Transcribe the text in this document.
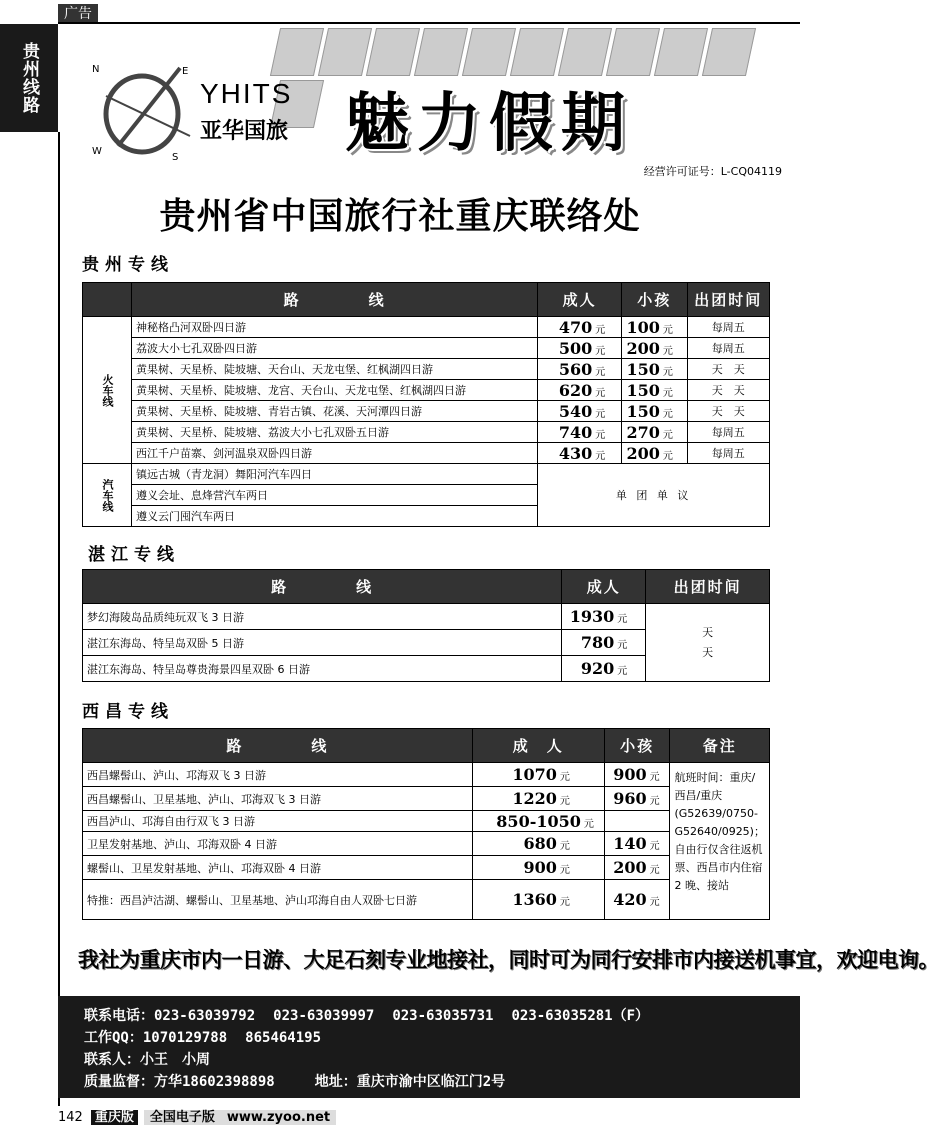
广告
贵州线路	N	E
W
S
YHITS
亚华国旅 魅力假期
经营许可证号：L-CQ04119
贵州省中国旅行社重庆联络处
贵州专线
	路　　　　线	成人	小孩	出团时间

火车线	神秘格凸河双卧四日游	470 元	100 元	每周五
	荔波大小七孔双卧四日游	500 元	200 元	每周五
	黄果树、天星桥、陡坡塘、天台山、天龙屯堡、红枫湖四日游	560 元	150 元	天　天
	黄果树、天星桥、陡坡塘、龙宫、天台山、天龙屯堡、红枫湖四日游	620 元	150 元	天　天
	黄果树、天星桥、陡坡塘、青岩古镇、花溪、天河潭四日游	540 元	150 元	天　天
	黄果树、天星桥、陡坡塘、荔波大小七孔双卧五日游	740 元	270 元	每周五
	西江千户苗寨、剑河温泉双卧四日游	430 元	200 元	每周五

汽车线	镇远古城（青龙洞）舞阳河汽车四日	单 团 单 议		
	遵义会址、息烽营汽车两日			
	遵义云门囤汽车两日			
湛江专线
路　　　　线	成人	出团时间
梦幻海陵岛品质纯玩双飞 3 日游	1930 元	天
天
湛江东海岛、特呈岛双卧 5 日游	780 元	
湛江东海岛、特呈岛尊贵海景四星双卧 6 日游	920 元	
西昌专线
路　　　　线	成　人	小孩	备注
西昌螺髻山、泸山、邛海双飞 3 日游	1070 元	900 元	航班时间：重庆/西昌/重庆(G52639/0750-G52640/0925)；自由行仅含往返机票、西昌市内住宿 2 晚、接站
西昌螺髻山、卫星基地、泸山、邛海双飞 3 日游	1220 元	960 元	
西昌泸山、邛海自由行双飞 3 日游	850-1050 元		
卫星发射基地、泸山、邛海双卧 4 日游	680 元	140 元	
螺髻山、卫星发射基地、泸山、邛海双卧 4 日游	900 元	200 元	
特推：西昌泸沽湖、螺髻山、卫星基地、泸山邛海自由人双卧七日游	1360 元	420 元	
我社为重庆市内一日游、大足石刻专业地接社，同时可为同行安排市内接送机事宜，欢迎电询。
联系电话：023-63039792 023-63039997 023-63035731 023-63035281（F）
工作QQ：1070129788 865464195
联系人：小王　小周
质量监督：方华18602398898	地址：重庆市渝中区临江门2号
142 重庆版 全国电子版 www.zyoo.net
